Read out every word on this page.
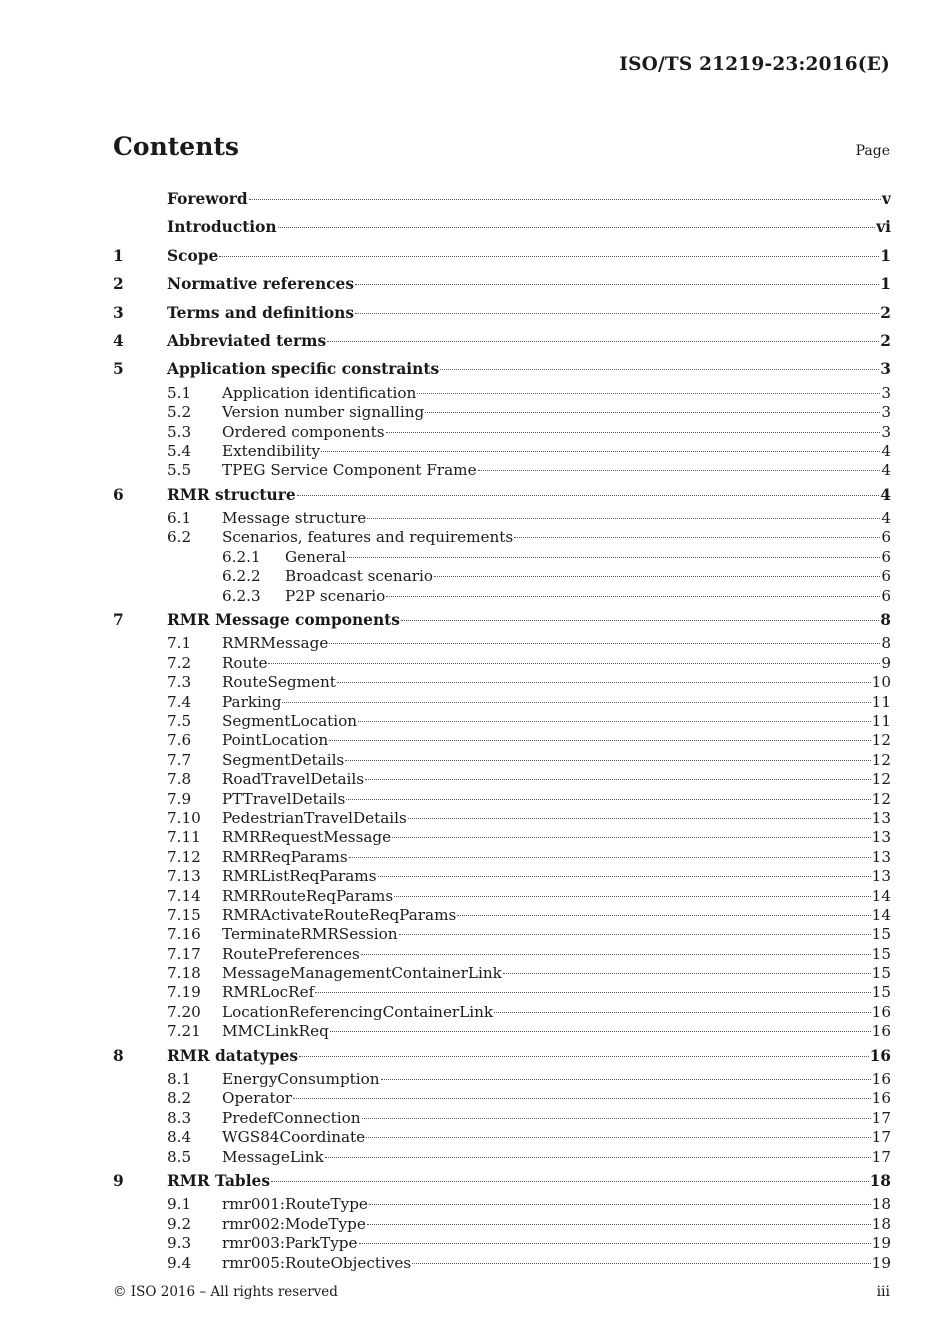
ISO/TS 21219-23:2016(E)
Contents	Page
Foreword	v
Introduction	vi
1	Scope	1
2	Normative references	1
3	Terms and definitions	2
4	Abbreviated terms	2
5	Application specific constraints	3
5.1	Application identification	3
5.2	Version number signalling	3
5.3	Ordered components	3
5.4	Extendibility	4
5.5	TPEG Service Component Frame	4
6	RMR structure	4
6.1	Message structure	4
6.2	Scenarios, features and requirements	6
6.2.1	General	6
6.2.2	Broadcast scenario	6
6.2.3	P2P scenario	6
7	RMR Message components	8
7.1	RMRMessage	8
7.2	Route	9
7.3	RouteSegment	10
7.4	Parking	11
7.5	SegmentLocation	11
7.6	PointLocation	12
7.7	SegmentDetails	12
7.8	RoadTravelDetails	12
7.9	PTTravelDetails	12
7.10	PedestrianTravelDetails	13
7.11	RMRRequestMessage	13
7.12	RMRReqParams	13
7.13	RMRListReqParams	13
7.14	RMRRouteReqParams	14
7.15	RMRActivateRouteReqParams	14
7.16	TerminateRMRSession	15
7.17	RoutePreferences	15
7.18	MessageManagementContainerLink	15
7.19	RMRLocRef	15
7.20	LocationReferencingContainerLink	16
7.21	MMCLinkReq	16
8	RMR datatypes	16
8.1	EnergyConsumption	16
8.2	Operator	16
8.3	PredefConnection	17
8.4	WGS84Coordinate	17
8.5	MessageLink	17
9	RMR Tables	18
9.1	rmr001:RouteType	18
9.2	rmr002:ModeType	18
9.3	rmr003:ParkType	19
9.4	rmr005:RouteObjectives	19
© ISO 2016 – All rights reserved	iii
